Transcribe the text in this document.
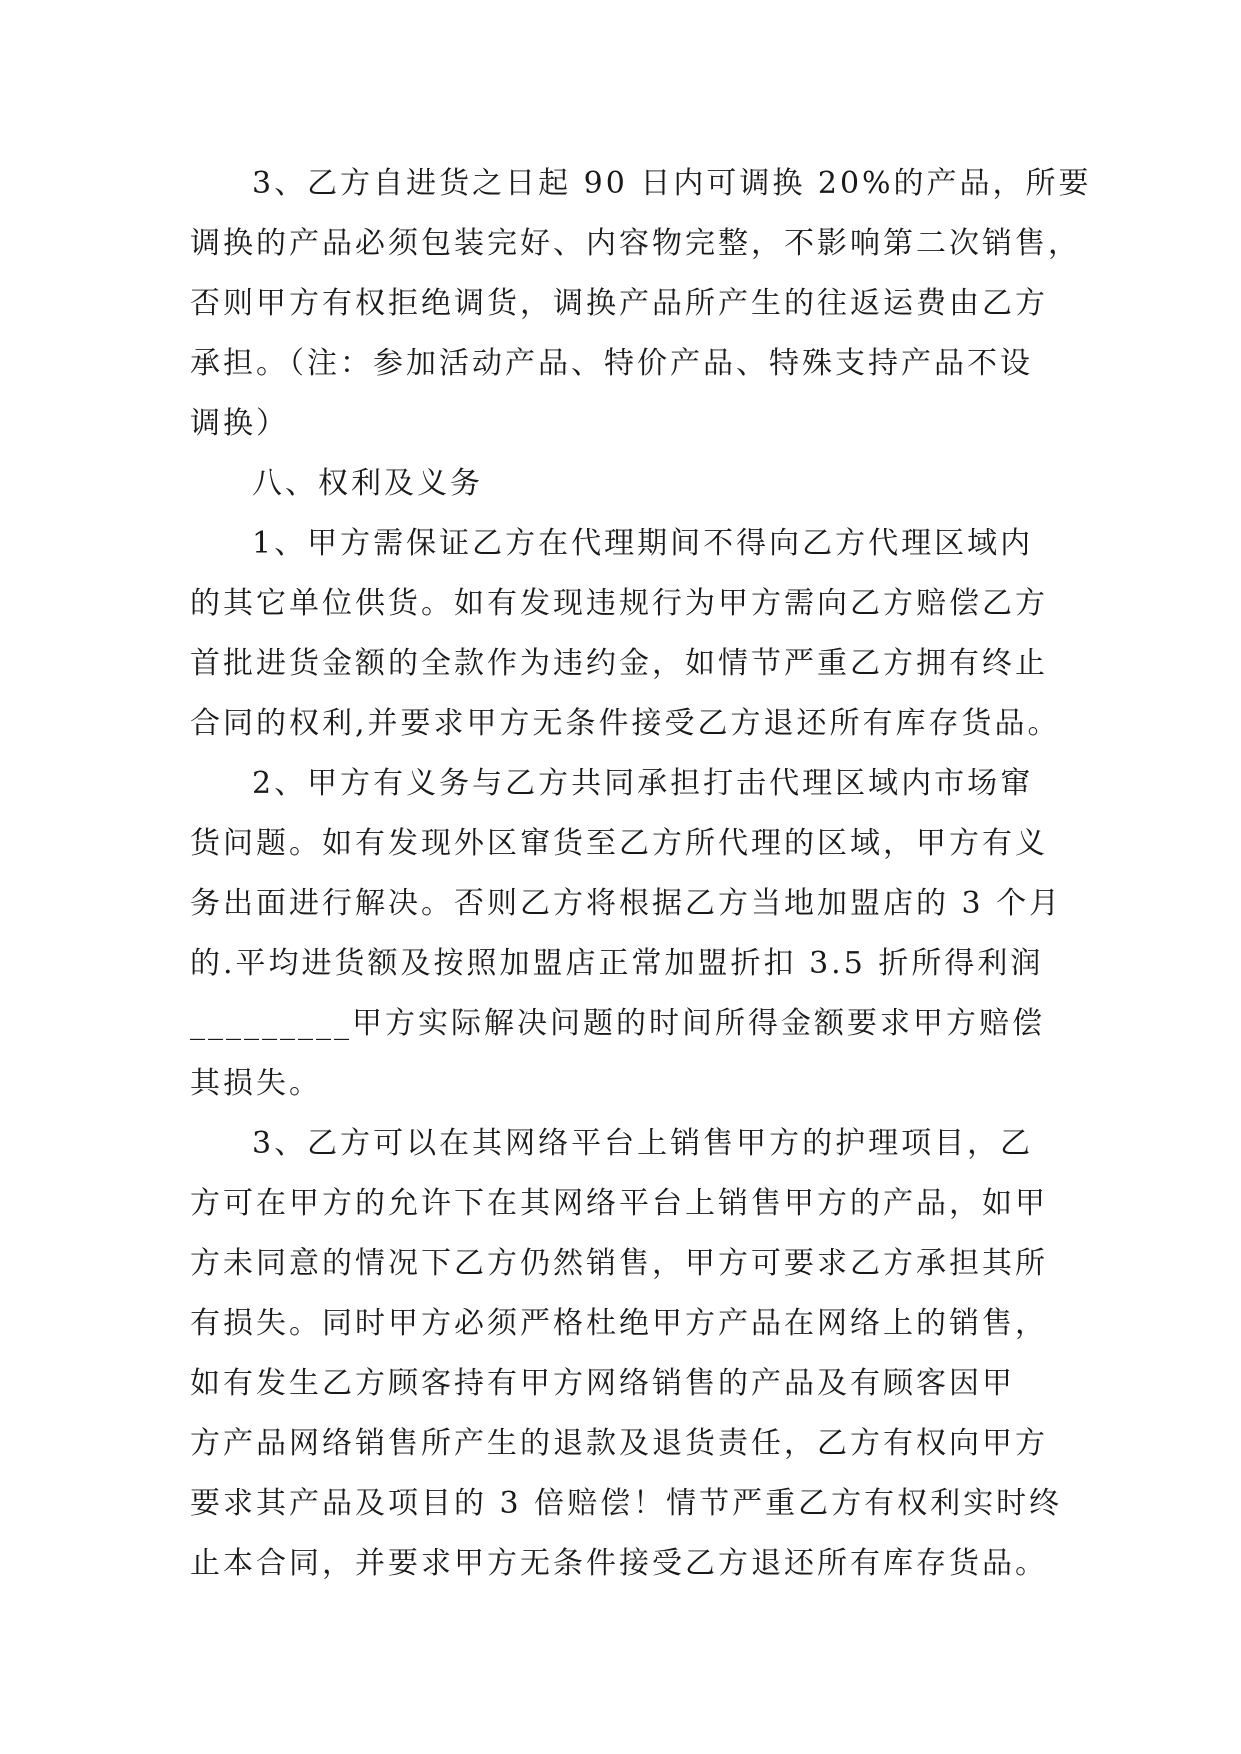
3、乙方自进货之日起 90 日内可调换 20%的产品，所要
调换的产品必须包装完好、内容物完整，不影响第二次销售，
否则甲方有权拒绝调货，调换产品所产生的往返运费由乙方
承担。（注：参加活动产品、特价产品、特殊支持产品不设
调换）
八、权利及义务
1、甲方需保证乙方在代理期间不得向乙方代理区域内
的其它单位供货。如有发现违规行为甲方需向乙方赔偿乙方
首批进货金额的全款作为违约金，如情节严重乙方拥有终止
合同的权利,并要求甲方无条件接受乙方退还所有库存货品。
2、甲方有义务与乙方共同承担打击代理区域内市场窜
货问题。如有发现外区窜货至乙方所代理的区域，甲方有义
务出面进行解决。否则乙方将根据乙方当地加盟店的 3 个月
的.平均进货额及按照加盟店正常加盟折扣 3.5 折所得利润
_________甲方实际解决问题的时间所得金额要求甲方赔偿
其损失。
3、乙方可以在其网络平台上销售甲方的护理项目，乙
方可在甲方的允许下在其网络平台上销售甲方的产品，如甲
方未同意的情况下乙方仍然销售，甲方可要求乙方承担其所
有损失。同时甲方必须严格杜绝甲方产品在网络上的销售，
如有发生乙方顾客持有甲方网络销售的产品及有顾客因甲
方产品网络销售所产生的退款及退货责任，乙方有权向甲方
要求其产品及项目的 3 倍赔偿！情节严重乙方有权利实时终
止本合同，并要求甲方无条件接受乙方退还所有库存货品。
